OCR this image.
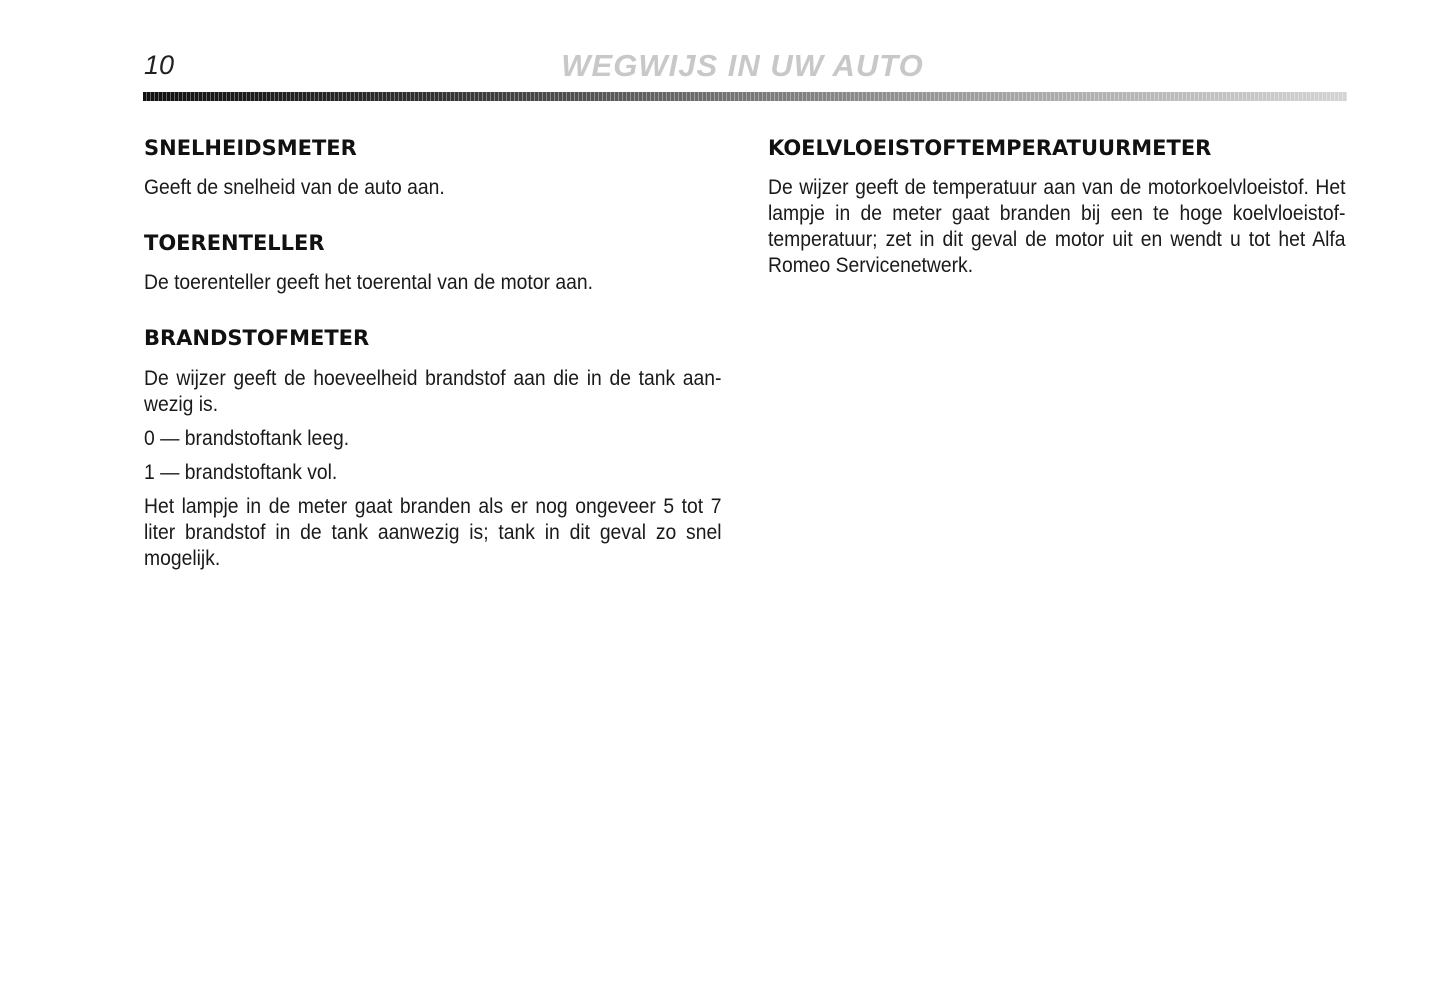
10	WEGWIJS IN UW AUTO
SNELHEIDSMETER

Geeft de snelheid van de auto aan.

TOERENTELLER

De toerenteller geeft het toerental van de motor aan.

BRANDSTOFMETER

De wijzer geeft de hoeveelheid brandstof aan die in de tank aan-wezig is.

0 — brandstoftank leeg.

1 — brandstoftank vol.

Het lampje in de meter gaat branden als er nog ongeveer 5 tot 7 liter brandstof in de tank aanwezig is; tank in dit geval zo snel mogelijk.

KOELVLOEISTOFTEMPERATUURMETER

De wijzer geeft de temperatuur aan van de motorkoelvloeistof. Het lampje in de meter gaat branden bij een te hoge koelvloeistof-temperatuur; zet in dit geval de motor uit en wendt u tot het Alfa Romeo Servicenetwerk.
